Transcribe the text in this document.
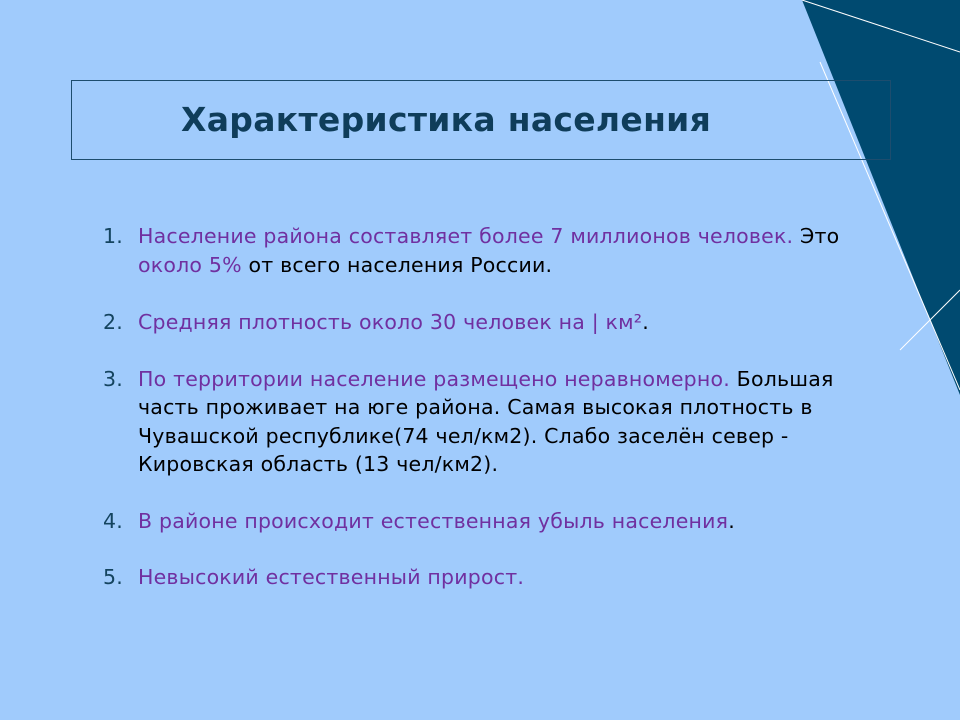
Характеристика населения
1. Население района составляет более 7 миллионов человек. Это около 5% от всего населения России.
2. Средняя плотность около 30 человек на | км².
3. По территории население размещено неравномерно. Большая часть проживает на юге района. Самая высокая плотность в Чувашской республике(74 чел/км2). Слабо заселён север - Кировская область (13 чел/км2).
4. В районе происходит естественная убыль населения.
5. Невысокий естественный прирост.
